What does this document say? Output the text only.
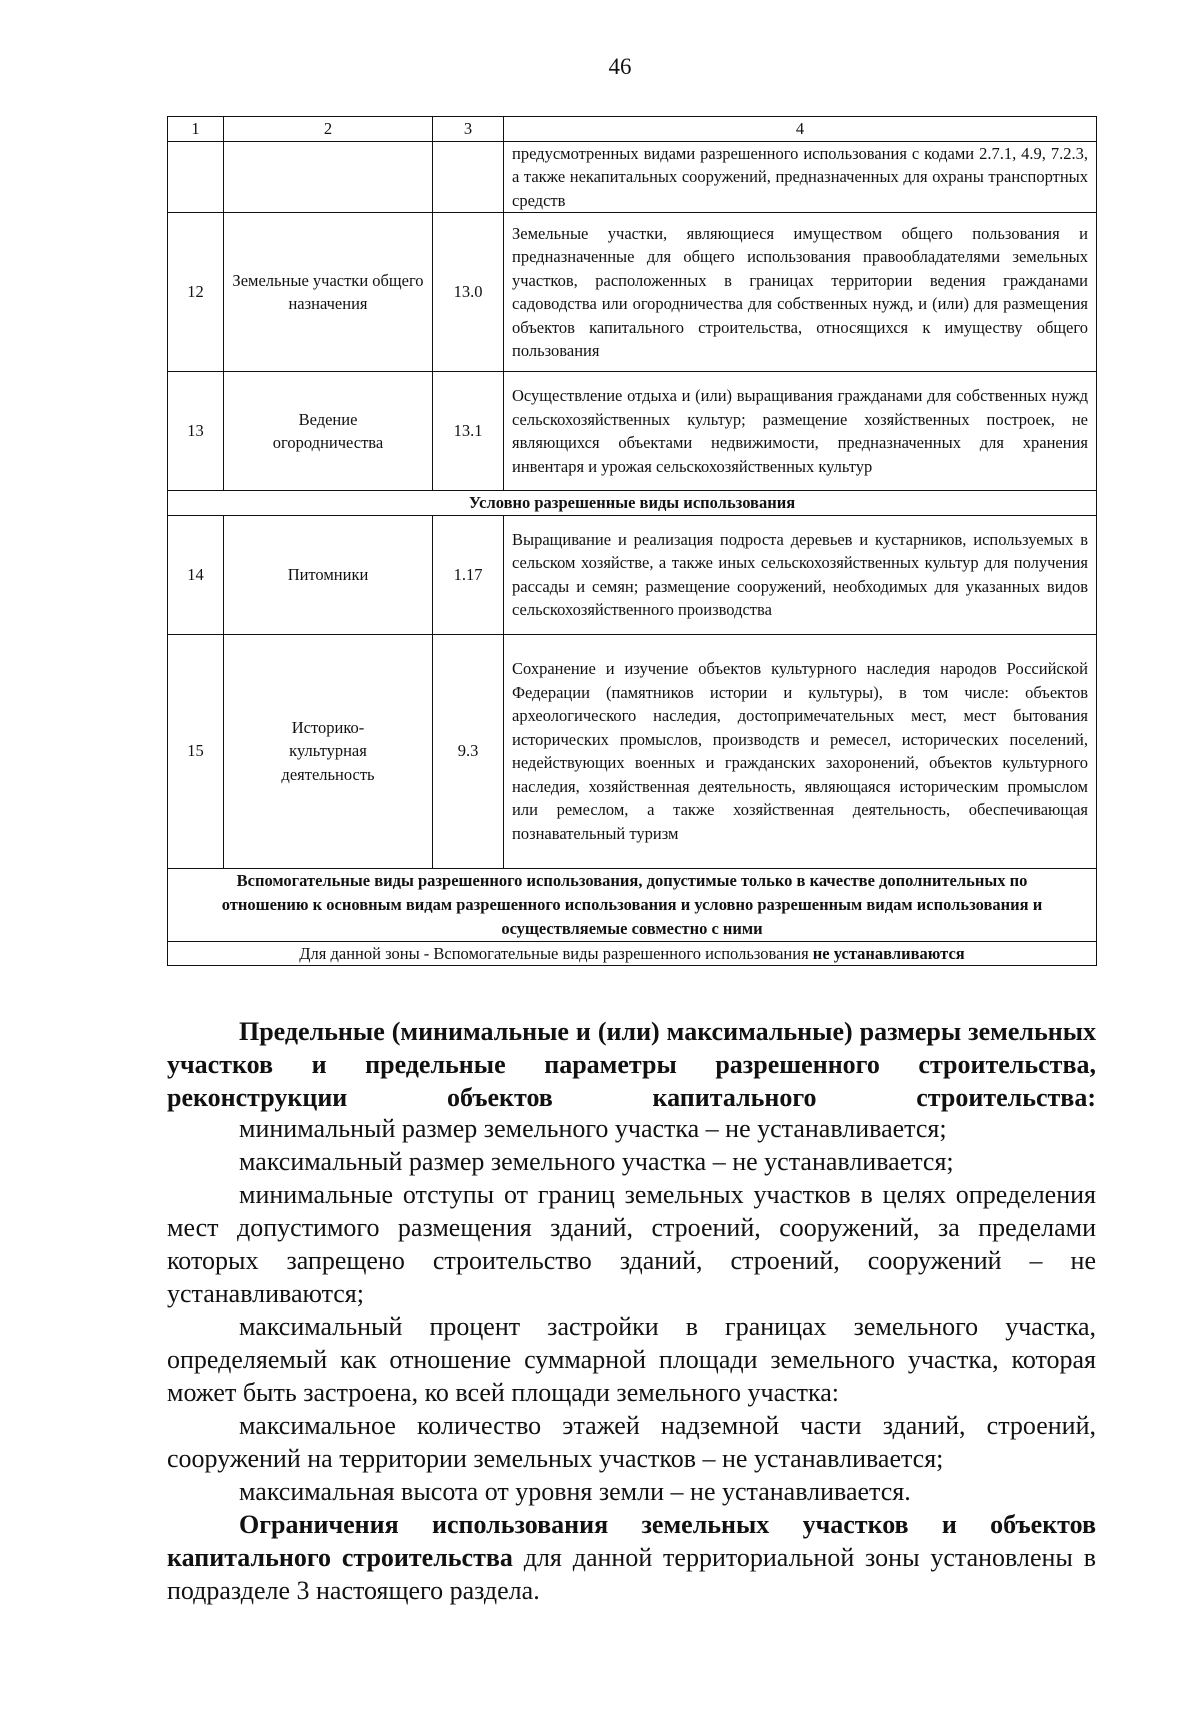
46
1	2	3	4
			предусмотренных видами разрешенного использования с кодами 2.7.1, 4.9, 7.2.3, а также некапитальных сооружений, предназначенных для охраны транспортных средств
12	Земельные участки общего назначения	13.0	Земельные участки, являющиеся имуществом общего пользования и предназначенные для общего использования правообладателями земельных участков, расположенных в границах территории ведения гражданами садоводства или огородничества для собственных нужд, и (или) для размещения объектов капитального строительства, относящихся к имуществу общего пользования
13	Ведение огородничества	13.1	Осуществление отдыха и (или) выращивания гражданами для собственных нужд сельскохозяйственных культур; размещение хозяйственных построек, не являющихся объектами недвижимости, предназначенных для хранения инвентаря и урожая сельскохозяйственных культур
Условно разрешенные виды использования			
14	Питомники	1.17	Выращивание и реализация подроста деревьев и кустарников, используемых в сельском хозяйстве, а также иных сельскохозяйственных культур для получения рассады и семян; размещение сооружений, необходимых для указанных видов сельскохозяйственного производства
15	Историко-культурная деятельность	9.3	Сохранение и изучение объектов культурного наследия народов Российской Федерации (памятников истории и культуры), в том числе: объектов археологического наследия, достопримечательных мест, мест бытования исторических промыслов, производств и ремесел, исторических поселений, недействующих военных и гражданских захоронений, объектов культурного наследия, хозяйственная деятельность, являющаяся историческим промыслом или ремеслом, а также хозяйственная деятельность, обеспечивающая познавательный туризм
Вспомогательные виды разрешенного использования, допустимые только в качестве дополнительных по отношению к основным видам разрешенного использования и условно разрешенным видам использования и осуществляемые совместно с ними			
Для данной зоны - Вспомогательные виды разрешенного использования не устанавливаются			

Предельные (минимальные и (или) максимальные) размеры земельных участков и предельные параметры разрешенного строительства, реконструкции объектов капитального строительства:

минимальный размер земельного участка – не устанавливается;

максимальный размер земельного участка – не устанавливается;

минимальные отступы от границ земельных участков в целях определения мест допустимого размещения зданий, строений, сооружений, за пределами которых запрещено строительство зданий, строений, сооружений – не устанавливаются;

максимальный процент застройки в границах земельного участка, определяемый как отношение суммарной площади земельного участка, которая может быть застроена, ко всей площади земельного участка:

максимальное количество этажей надземной части зданий, строений, сооружений на территории земельных участков – не устанавливается;

максимальная высота от уровня земли – не устанавливается.

Ограничения использования земельных участков и объектов капитального строительства для данной территориальной зоны установлены в подразделе 3 настоящего раздела.
